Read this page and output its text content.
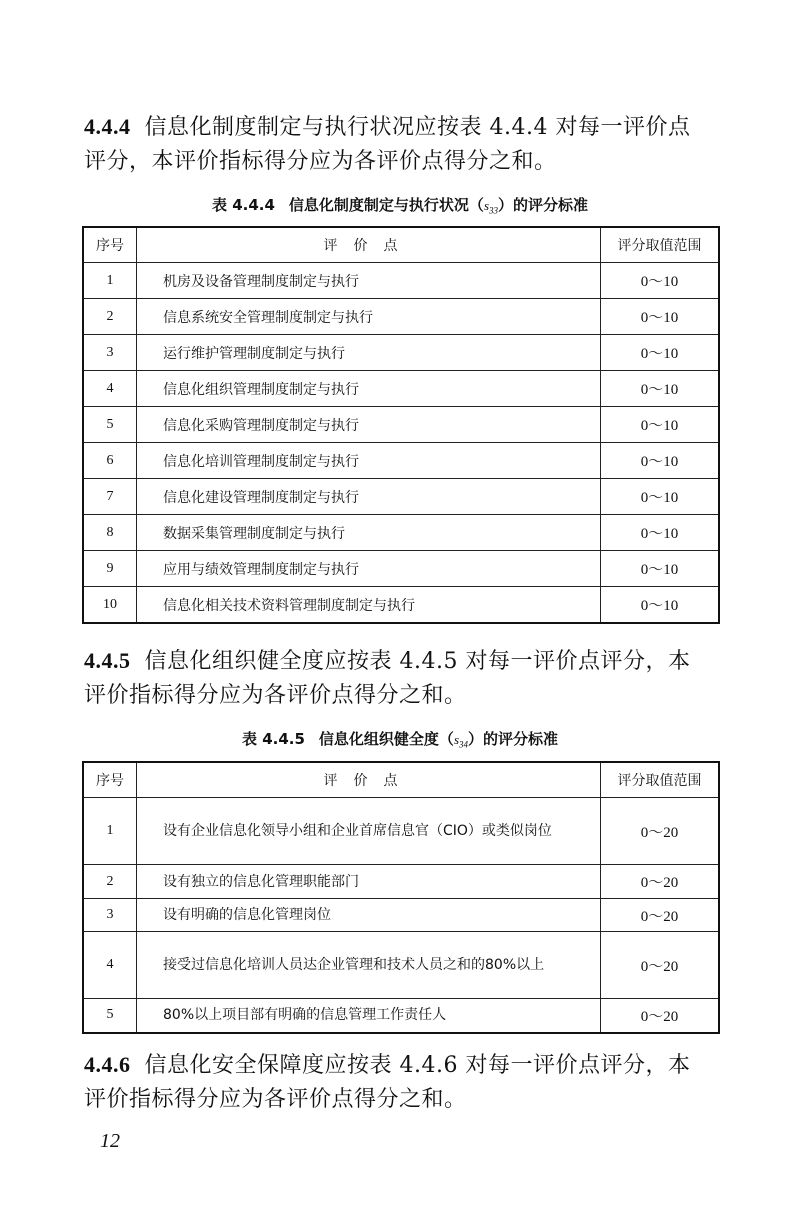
4.4.4 信息化制度制定与执行状况应按表 4.4.4 对每一评价点
评分，本评价指标得分应为各评价点得分之和。
表 4.4.4 信息化制度制定与执行状况$(s_{33})$的评分标准
序号	评价点	评分取值范围
1	机房及设备管理制度制定与执行	0～10
2	信息系统安全管理制度制定与执行	0～10
3	运行维护管理制度制定与执行	0～10
4	信息化组织管理制度制定与执行	0～10
5	信息化采购管理制度制定与执行	0～10
6	信息化培训管理制度制定与执行	0～10
7	信息化建设管理制度制定与执行	0～10
8	数据采集管理制度制定与执行	0～10
9	应用与绩效管理制度制定与执行	0～10
10	信息化相关技术资料管理制度制定与执行	0～10
4.4.5 信息化组织健全度应按表 4.4.5 对每一评价点评分，本
评价指标得分应为各评价点得分之和。
表 4.4.5 信息化组织健全度$(s_{34})$的评分标准
序号	评价点	评分取值范围
1	设有企业信息化领导小组和企业首席信息官（CIO）或类似岗位	0～20
2	设有独立的信息化管理职能部门	0～20
3	设有明确的信息化管理岗位	0～20
4	接受过信息化培训人员达企业管理和技术人员之和的80%以上	0～20
5	80%以上项目部有明确的信息管理工作责任人	0～20
4.4.6 信息化安全保障度应按表 4.4.6 对每一评价点评分，本
评价指标得分应为各评价点得分之和。
12
